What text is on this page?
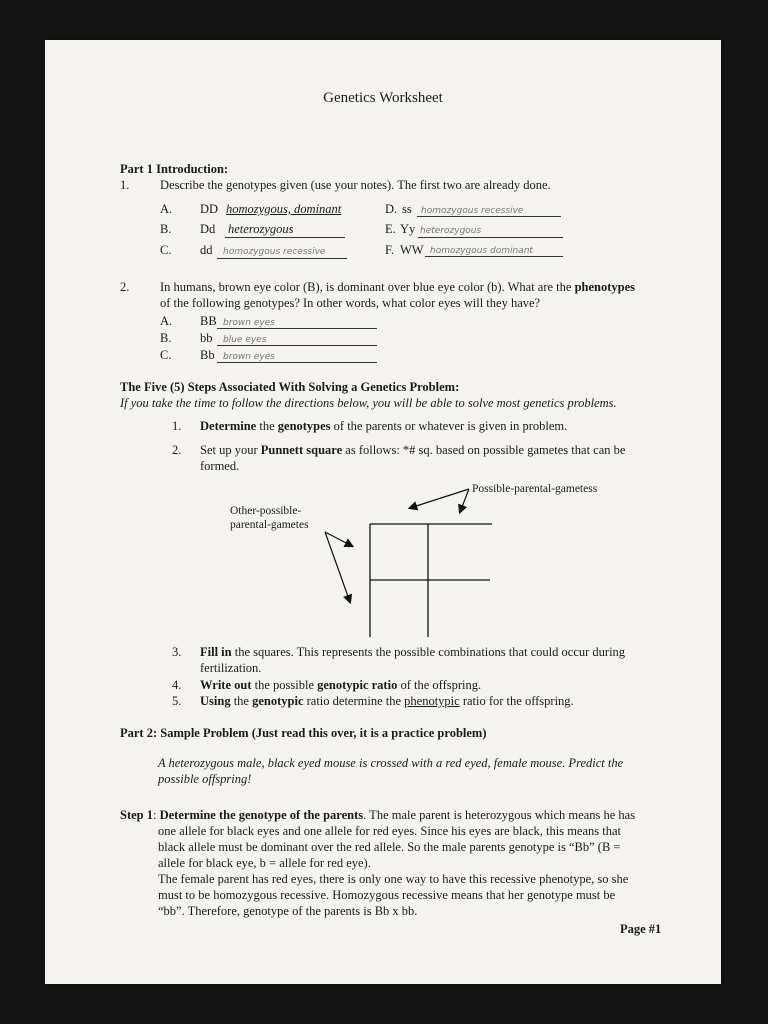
Genetics Worksheet
Part 1 Introduction:
1. Describe the genotypes given (use your notes). The first two are already done.
A. DD homozygous, dominant
B. Dd heterozygous
C. dd homozygous recessive
D. ss homozygous recessive
E. Yy heterozygous
F. WW homozygous dominant
2. In humans, brown eye color (B), is dominant over blue eye color (b). What are the phenotypes
of the following genotypes? In other words, what color eyes will they have?
A. BB brown eyes
B. bb blue eyes
C. Bb brown eyes
The Five (5) Steps Associated With Solving a Genetics Problem:
If you take the time to follow the directions below, you will be able to solve most genetics problems.
1. Determine the genotypes of the parents or whatever is given in problem.
2. Set up your Punnett square as follows: *# sq. based on possible gametes that can be
formed.
Possible-parental-gametess
Other-possible-
parental-gametes
3. Fill in the squares. This represents the possible combinations that could occur during
fertilization.
4. Write out the possible genotypic ratio of the offspring.
5. Using the genotypic ratio determine the phenotypic ratio for the offspring.
Part 2: Sample Problem (Just read this over, it is a practice problem)
A heterozygous male, black eyed mouse is crossed with a red eyed, female mouse. Predict the
possible offspring!
Step 1: Determine the genotype of the parents. The male parent is heterozygous which means he has
one allele for black eyes and one allele for red eyes. Since his eyes are black, this means that
black allele must be dominant over the red allele. So the male parents genotype is “Bb” (B =
allele for black eye, b = allele for red eye).
The female parent has red eyes, there is only one way to have this recessive phenotype, so she
must to be homozygous recessive. Homozygous recessive means that her genotype must be
“bb”. Therefore, genotype of the parents is Bb x bb.
Page #1
